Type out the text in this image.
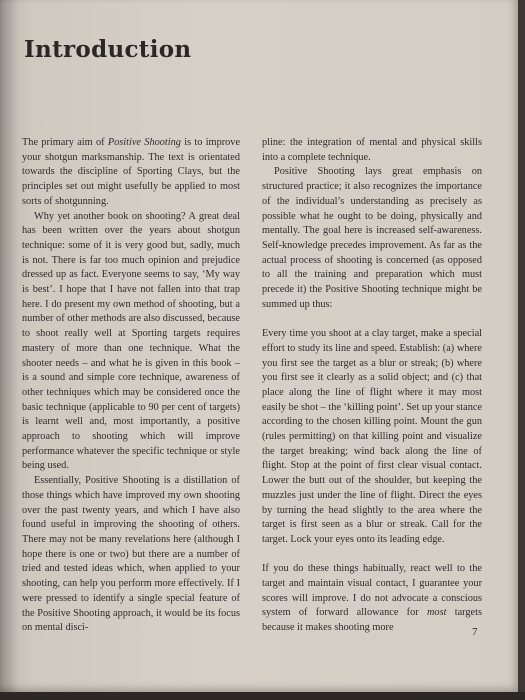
Introduction

The primary aim of Positive Shooting is to improve your shotgun marksmanship. The text is orientated towards the discipline of Sporting Clays, but the principles set out might usefully be applied to most sorts of shotgunning.

Why yet another book on shooting? A great deal has been written over the years about shotgun technique: some of it is very good but, sadly, much is not. There is far too much opinion and prejudice dressed up as fact. Everyone seems to say, ‘My way is best’. I hope that I have not fallen into that trap here. I do present my own method of shooting, but a number of other methods are also discussed, because to shoot really well at Sporting targets requires mastery of more than one technique. What the shooter needs – and what he is given in this book – is a sound and simple core technique, awareness of other techniques which may be considered once the basic technique (applicable to 90 per cent of targets) is learnt well and, most importantly, a positive approach to shooting which will improve performance whatever the specific technique or style being used.

Essentially, Positive Shooting is a distillation of those things which have improved my own shooting over the past twenty years, and which I have also found useful in improving the shooting of others. There may not be many revelations here (although I hope there is one or two) but there are a number of tried and tested ideas which, when applied to your shooting, can help you perform more effectively. If I were pressed to identify a single special feature of the Positive Shooting approach, it would be its focus on mental disci-

pline: the integration of mental and physical skills into a complete technique.

Positive Shooting lays great emphasis on structured practice; it also recognizes the importance of the individual’s understanding as precisely as possible what he ought to be doing, physically and mentally. The goal here is increased self-awareness. Self-knowledge precedes improvement. As far as the actual process of shooting is concerned (as opposed to all the training and preparation which must precede it) the Positive Shooting technique might be summed up thus:

Every time you shoot at a clay target, make a special effort to study its line and speed. Establish: (a) where you first see the target as a blur or streak; (b) where you first see it clearly as a solid object; and (c) that place along the line of flight where it may most easily be shot – the ‘killing point’. Set up your stance according to the chosen killing point. Mount the gun (rules permitting) on that killing point and visualize the target breaking; wind back along the line of flight. Stop at the point of first clear visual contact. Lower the butt out of the shoulder, but keeping the muzzles just under the line of flight. Direct the eyes by turning the head slightly to the area where the target is first seen as a blur or streak. Call for the target. Lock your eyes onto its leading edge.

If you do these things habitually, react well to the target and maintain visual contact, I guarantee your scores will improve. I do not advocate a conscious system of forward allowance for most targets because it makes shooting more	7
